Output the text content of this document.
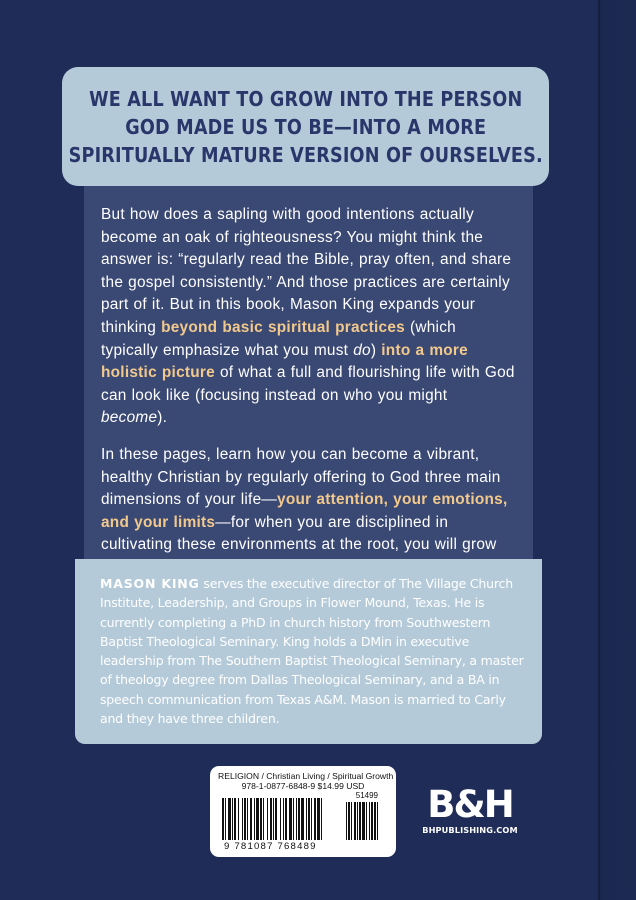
WE ALL WANT TO GROW INTO THE PERSON
GOD MADE US TO BE—INTO A MORE
SPIRITUALLY MATURE VERSION OF OURSELVES.

But how does a sapling with good intentions actually become an oak of righteousness? You might think the answer is: “regularly read the Bible, pray often, and share the gospel consistently.” And those practices are certainly part of it. But in this book, Mason King expands your thinking beyond basic spiritual practices (which typically emphasize what you must do) into a more holistic picture of what a full and flourishing life with God can look like (focusing instead on who you might become).

In these pages, learn how you can become a vibrant, healthy Christian by regularly offering to God three main dimensions of your life—your attention, your emotions, and your limits—for when you are disciplined in cultivating these environments at the root, you will grow

MASON KING serves the executive director of The Village Church Institute, Leadership, and Groups in Flower Mound, Texas. He is currently completing a PhD in church history from Southwestern Baptist Theological Seminary. King holds a DMin in executive leadership from The Southern Baptist Theological Seminary, a master of theology degree from Dallas Theological Seminary, and a BA in speech communication from Texas A&M. Mason is married to Carly and they have three children.

RELIGION / Christian Living / Spiritual Growth
978-1-0877-6848-9 $14.99 USD
51499
9 781087 768489
B&H
BHPUBLISHING.COM
